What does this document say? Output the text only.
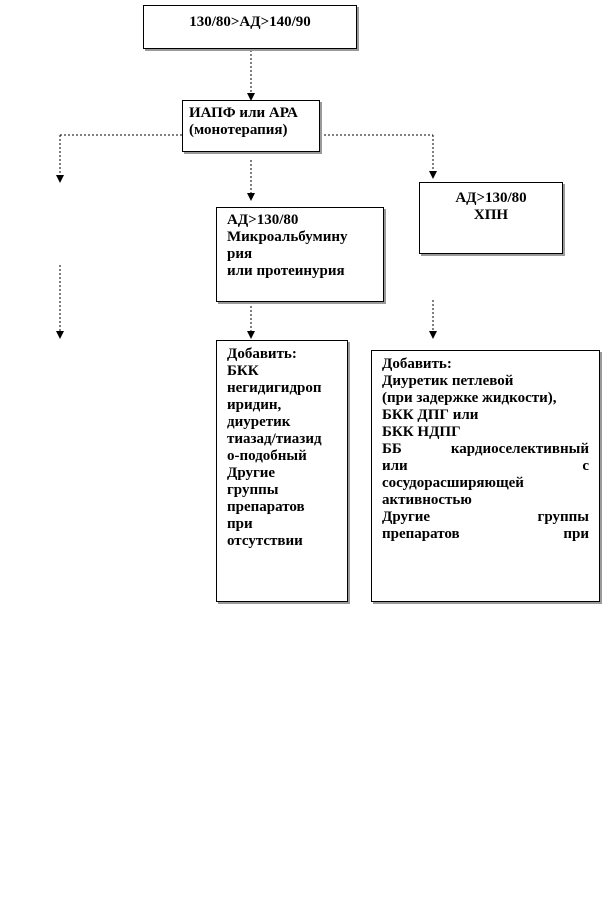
130/80>АД>140/90
ИАПФ или АРА
(монотерапия)
АД>130/80
Микроальбумину
рия
или протеинурия
АД>130/80
ХПН
Добавить:
БКК
негидигидроп
иридин,
диуретик
тиазад/тиазид
о-подобный
Другие
группы
препаратов
при
отсутствии
Добавить:
Диуретик петлевой
(при задержке жидкости),
БКК ДПГ или
БКК НДПГ
ББ	кардиоселективный
или	с
сосудорасширяющей
активностью
Другие	группы
препаратов	при
